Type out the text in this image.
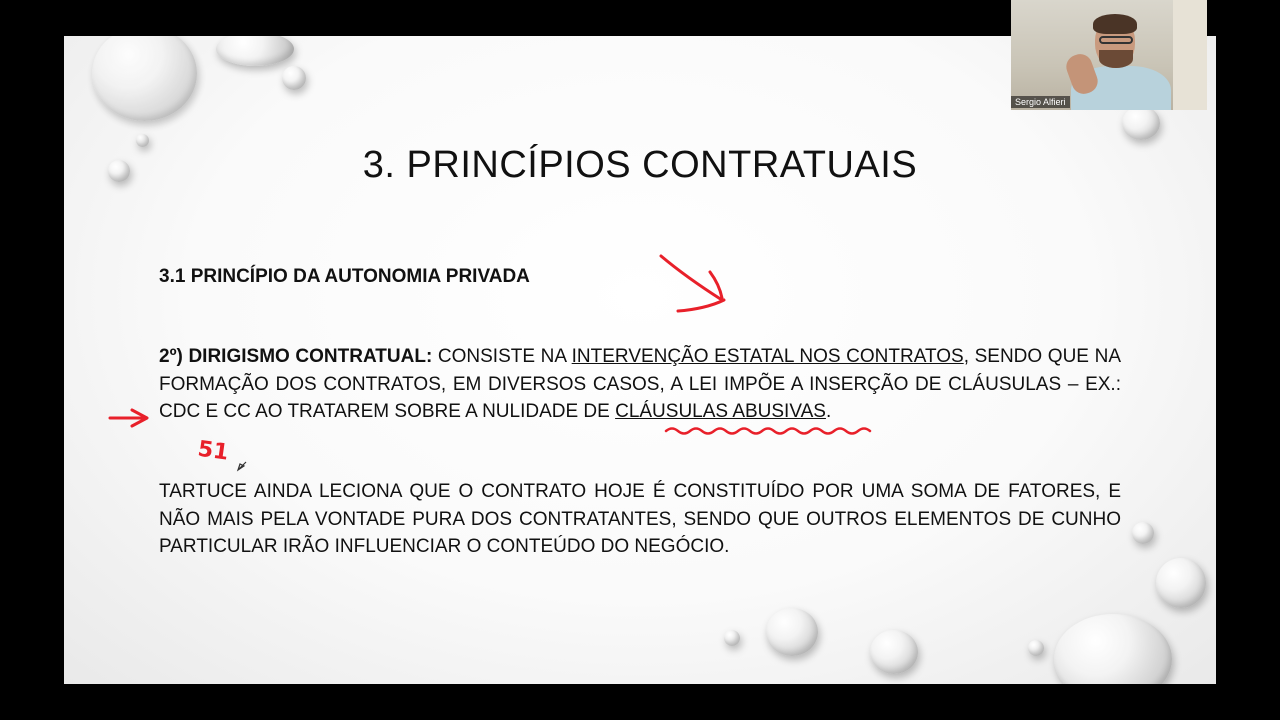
3. PRINCÍPIOS CONTRATUAIS
3.1 PRINCÍPIO DA AUTONOMIA PRIVADA
2º) DIRIGISMO CONTRATUAL: CONSISTE NA INTERVENÇÃO ESTATAL NOS CONTRATOS, SENDO QUE NA FORMAÇÃO DOS CONTRATOS, EM DIVERSOS CASOS, A LEI IMPÕE A INSERÇÃO DE CLÁUSULAS – EX.: CDC E CC AO TRATAREM SOBRE A NULIDADE DE CLÁUSULAS ABUSIVAS.
TARTUCE AINDA LECIONA QUE O CONTRATO HOJE É CONSTITUÍDO POR UMA SOMA DE FATORES, E NÃO MAIS PELA VONTADE PURA DOS CONTRATANTES, SENDO QUE OUTROS ELEMENTOS DE CUNHO PARTICULAR IRÃO INFLUENCIAR O CONTEÚDO DO NEGÓCIO.
51
Sergio Alfieri
